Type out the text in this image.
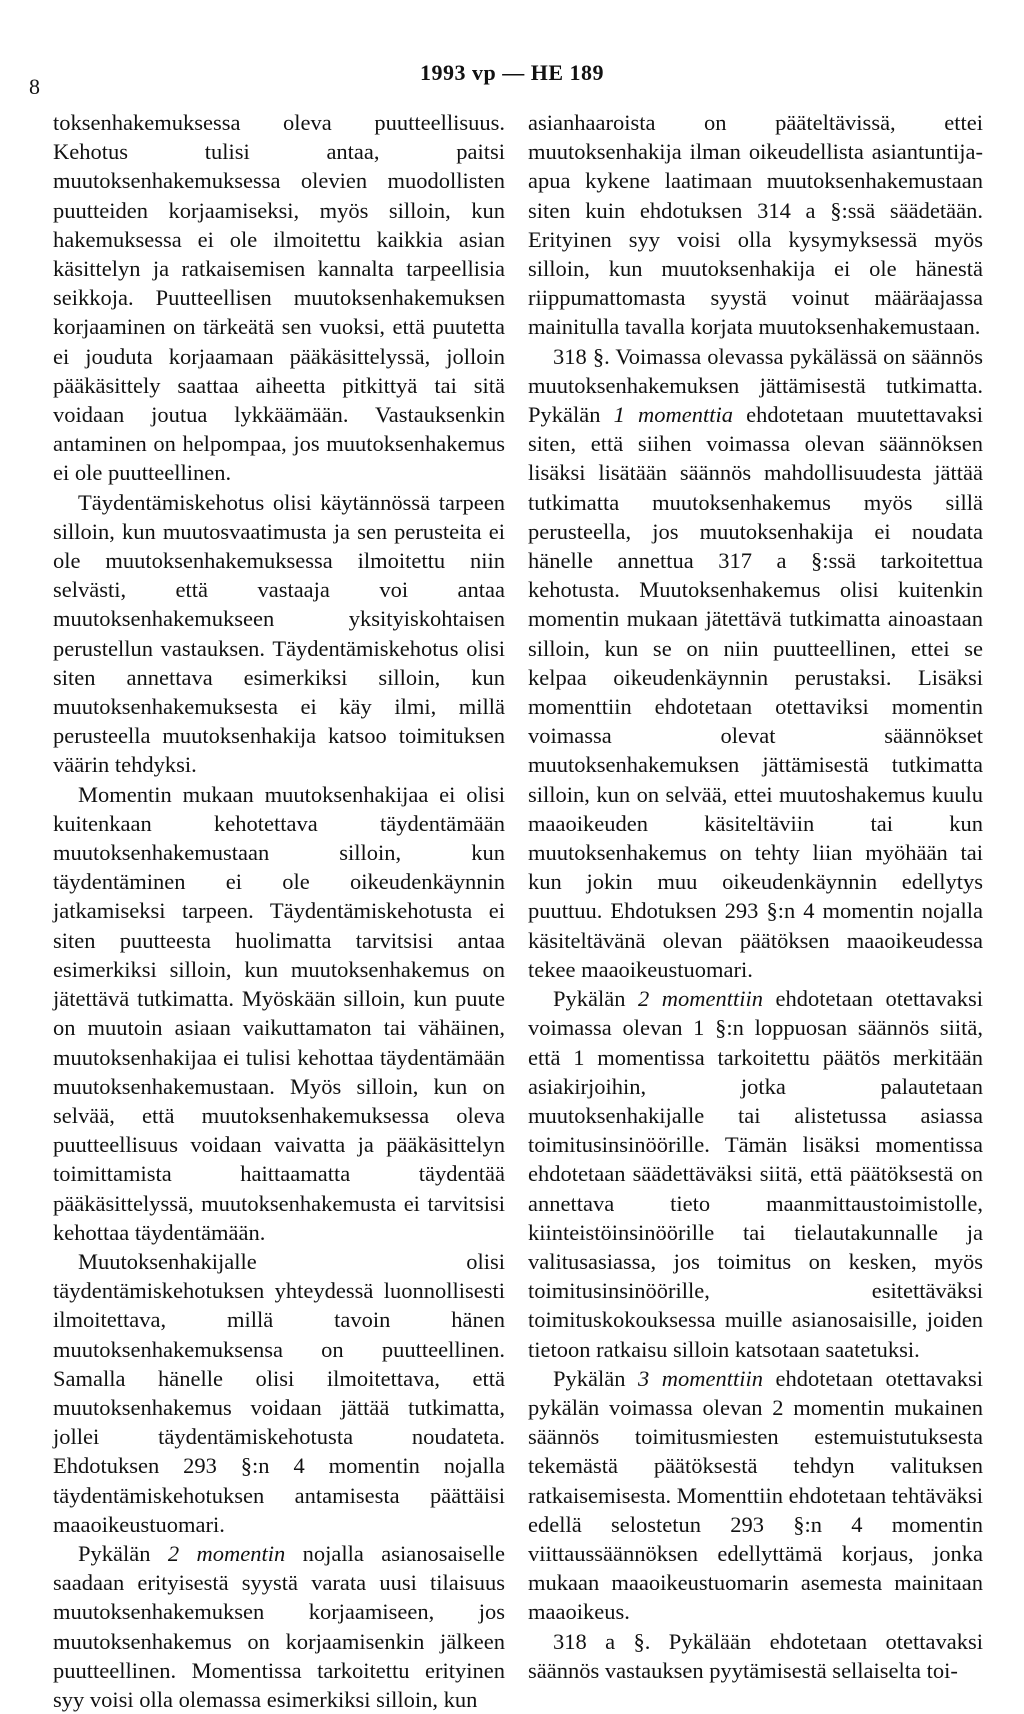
8
1993 vp — HE 189

toksenhakemuksessa oleva puutteellisuus. Kehotus tulisi antaa, paitsi muutoksenhakemuksessa olevien muodollisten puutteiden korjaamiseksi, myös silloin, kun hakemuksessa ei ole ilmoitettu kaikkia asian käsittelyn ja ratkaisemisen kannalta tarpeellisia seikkoja. Puutteellisen muutoksenhakemuksen korjaaminen on tärkeätä sen vuoksi, että puutetta ei jouduta korjaamaan pääkäsittelyssä, jolloin pääkäsittely saattaa aiheetta pitkittyä tai sitä voidaan joutua lykkäämään. Vastauksenkin antaminen on helpompaa, jos muutoksenhakemus ei ole puutteellinen.

Täydentämiskehotus olisi käytännössä tarpeen silloin, kun muutosvaatimusta ja sen perusteita ei ole muutoksenhakemuksessa ilmoitettu niin selvästi, että vastaaja voi antaa muutoksenhakemukseen yksityiskohtaisen perustellun vastauksen. Täydentämiskehotus olisi siten annettava esimerkiksi silloin, kun muutoksenhakemuksesta ei käy ilmi, millä perusteella muutoksenhakija katsoo toimituksen väärin tehdyksi.

Momentin mukaan muutoksenhakijaa ei olisi kuitenkaan kehotettava täydentämään muutoksenhakemustaan silloin, kun täydentäminen ei ole oikeudenkäynnin jatkamiseksi tarpeen. Täydentämiskehotusta ei siten puutteesta huolimatta tarvitsisi antaa esimerkiksi silloin, kun muutoksenhakemus on jätettävä tutkimatta. Myöskään silloin, kun puute on muutoin asiaan vaikuttamaton tai vähäinen, muutoksenhakijaa ei tulisi kehottaa täydentämään muutoksenhakemustaan. Myös silloin, kun on selvää, että muutoksenhakemuksessa oleva puutteellisuus voidaan vaivatta ja pääkäsittelyn toimittamista haittaamatta täydentää pääkäsittelyssä, muutoksenhakemusta ei tarvitsisi kehottaa täydentämään.

Muutoksenhakijalle olisi täydentämiskehotuksen yhteydessä luonnollisesti ilmoitettava, millä tavoin hänen muutoksenhakemuksensa on puutteellinen. Samalla hänelle olisi ilmoitettava, että muutoksenhakemus voidaan jättää tutkimatta, jollei täydentämiskehotusta noudateta. Ehdotuksen 293 §:n 4 momentin nojalla täydentämiskehotuksen antamisesta päättäisi maaoikeustuomari.

Pykälän 2 momentin nojalla asianosaiselle saadaan erityisestä syystä varata uusi tilaisuus muutoksenhakemuksen korjaamiseen, jos muutoksenhakemus on korjaamisenkin jälkeen puutteellinen. Momentissa tarkoitettu erityinen syy voisi olla olemassa esimerkiksi silloin, kun

asianhaaroista on pääteltävissä, ettei muutoksenhakija ilman oikeudellista asiantuntija-apua kykene laatimaan muutoksenhakemustaan siten kuin ehdotuksen 314 a §:ssä säädetään. Erityinen syy voisi olla kysymyksessä myös silloin, kun muutoksenhakija ei ole hänestä riippumattomasta syystä voinut määräajassa mainitulla tavalla korjata muutoksenhakemustaan.

318 §. Voimassa olevassa pykälässä on säännös muutoksenhakemuksen jättämisestä tutkimatta. Pykälän 1 momenttia ehdotetaan muutettavaksi siten, että siihen voimassa olevan säännöksen lisäksi lisätään säännös mahdollisuudesta jättää tutkimatta muutoksenhakemus myös sillä perusteella, jos muutoksenhakija ei noudata hänelle annettua 317 a §:ssä tarkoitettua kehotusta. Muutoksenhakemus olisi kuitenkin momentin mukaan jätettävä tutkimatta ainoastaan silloin, kun se on niin puutteellinen, ettei se kelpaa oikeudenkäynnin perustaksi. Lisäksi momenttiin ehdotetaan otettaviksi momentin voimassa olevat säännökset muutoksenhakemuksen jättämisestä tutkimatta silloin, kun on selvää, ettei muutoshakemus kuulu maaoikeuden käsiteltäviin tai kun muutoksenhakemus on tehty liian myöhään tai kun jokin muu oikeudenkäynnin edellytys puuttuu. Ehdotuksen 293 §:n 4 momentin nojalla käsiteltävänä olevan päätöksen maaoikeudessa tekee maaoikeustuomari.

Pykälän 2 momenttiin ehdotetaan otettavaksi voimassa olevan 1 §:n loppuosan säännös siitä, että 1 momentissa tarkoitettu päätös merkitään asiakirjoihin, jotka palautetaan muutoksenhakijalle tai alistetussa asiassa toimitusinsinöörille. Tämän lisäksi momentissa ehdotetaan säädettäväksi siitä, että päätöksestä on annettava tieto maanmittaustoimistolle, kiinteistöinsinöörille tai tielautakunnalle ja valitusasiassa, jos toimitus on kesken, myös toimitusinsinöörille, esitettäväksi toimituskokouksessa muille asianosaisille, joiden tietoon ratkaisu silloin katsotaan saatetuksi.

Pykälän 3 momenttiin ehdotetaan otettavaksi pykälän voimassa olevan 2 momentin mukainen säännös toimitusmiesten estemuistutuksesta tekemästä päätöksestä tehdyn valituksen ratkaisemisesta. Momenttiin ehdotetaan tehtäväksi edellä selostetun 293 §:n 4 momentin viittaussäännöksen edellyttämä korjaus, jonka mukaan maaoikeustuomarin asemesta mainitaan maaoikeus.

318 a §. Pykälään ehdotetaan otettavaksi säännös vastauksen pyytämisestä sellaiselta toi-
